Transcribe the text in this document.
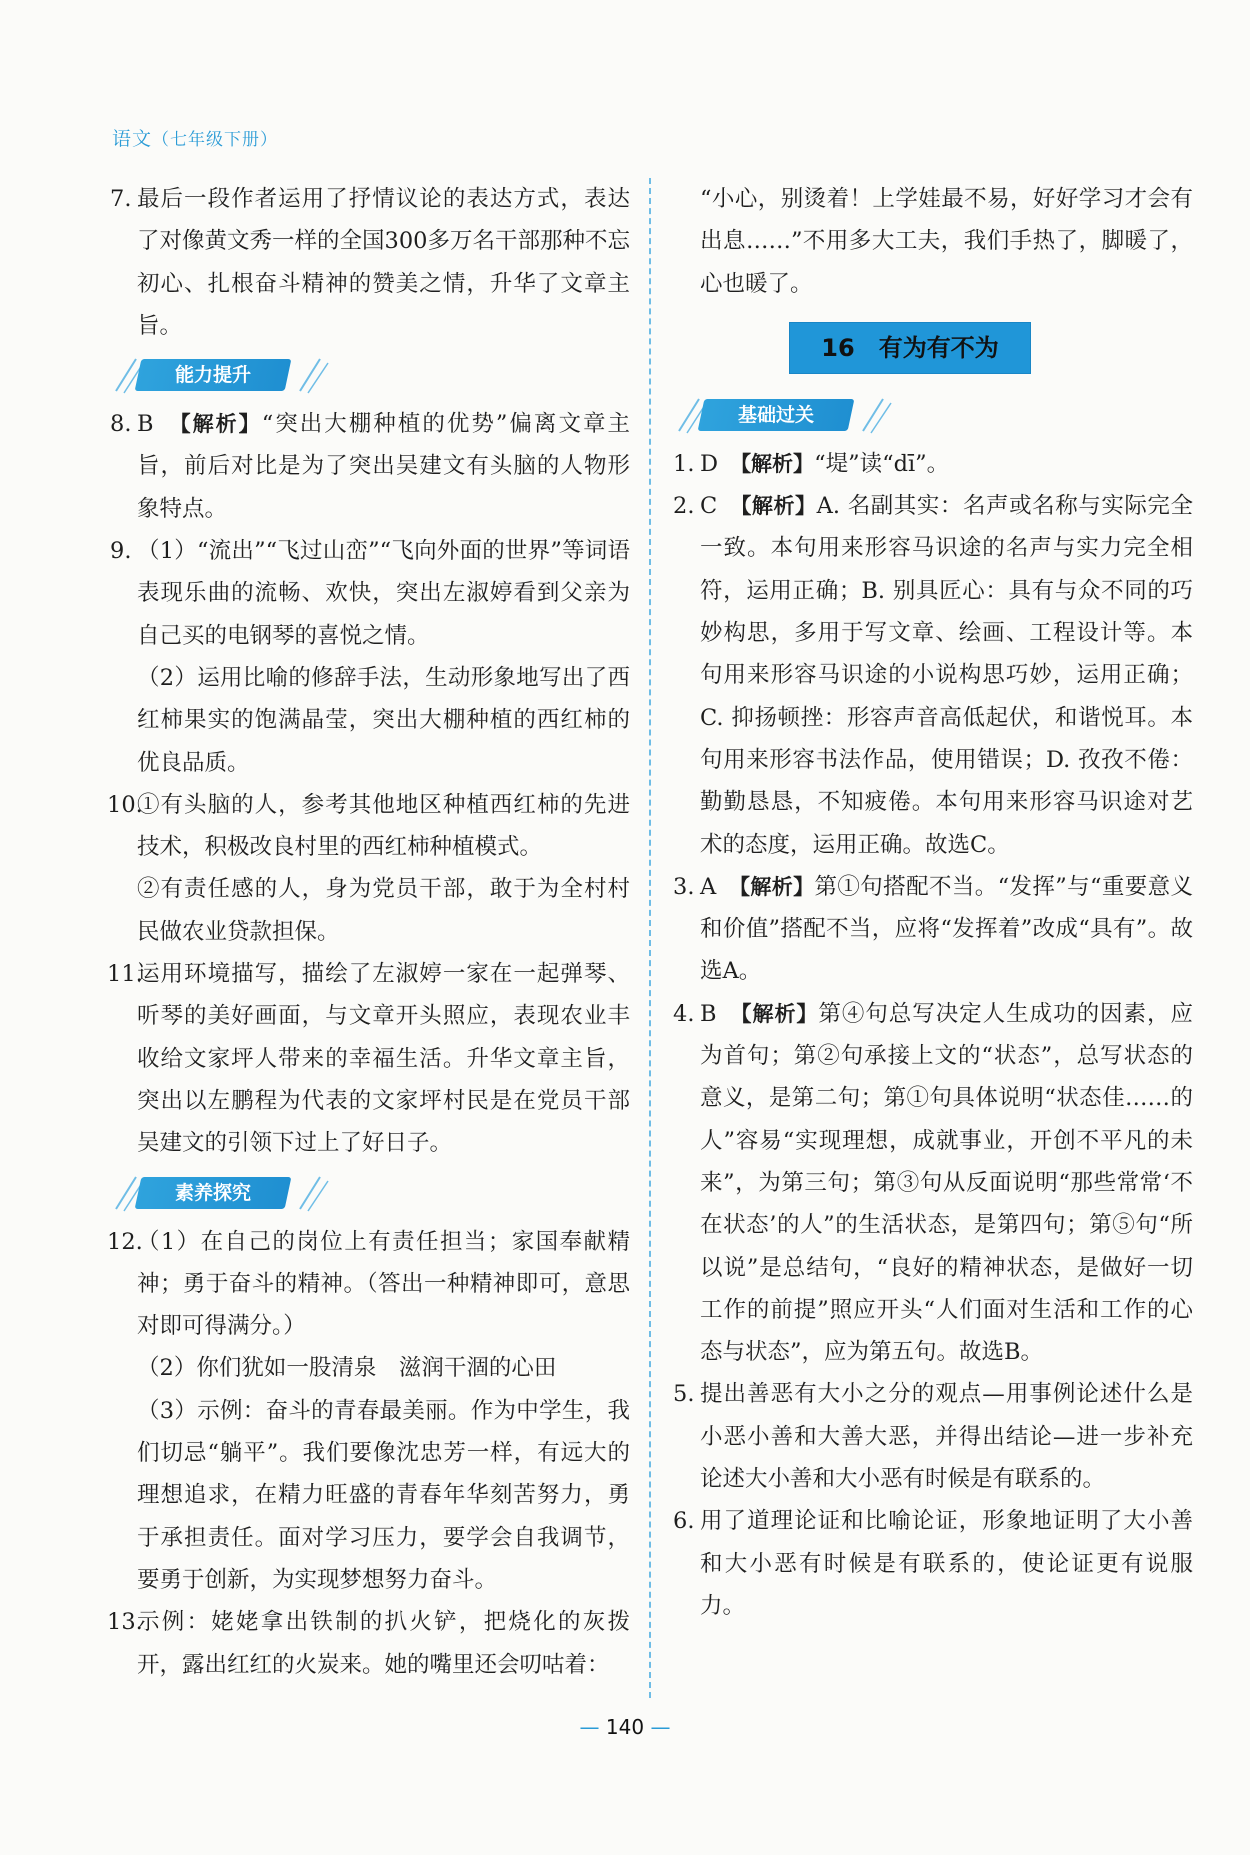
语文（七年级下册）

7. 最后一段作者运用了抒情议论的表达方式，表达了对像黄文秀一样的全国300多万名干部那种不忘初心、扎根奋斗精神的赞美之情，升华了文章主旨。

能力提升

8. B　 【解析】“突出大棚种植的优势”偏离文章主旨，前后对比是为了突出吴建文有头脑的人物形象特点。

9. （1）“流出”“飞过山峦”“飞向外面的世界”等词语表现乐曲的流畅、欢快，突出左淑婷看到父亲为自己买的电钢琴的喜悦之情。

（2）运用比喻的修辞手法，生动形象地写出了西红柿果实的饱满晶莹，突出大棚种植的西红柿的优良品质。

10.
①有头脑的人，参考其他地区种植西红柿的先进技术，积极改良村里的西红柿种植模式。

②有责任感的人，身为党员干部，敢于为全村村民做农业贷款担保。

11.
运用环境描写，描绘了左淑婷一家在一起弹琴、听琴的美好画面，与文章开头照应，表现农业丰收给文家坪人带来的幸福生活。升华文章主旨，突出以左鹏程为代表的文家坪村民是在党员干部吴建文的引领下过上了好日子。

素养探究

12.
（1）在自己的岗位上有责任担当；家国奉献精神；勇于奋斗的精神。（答出一种精神即可，意思对即可得满分。）

（2）你们犹如一股清泉　滋润干涸的心田

（3）示例：奋斗的青春最美丽。作为中学生，我们切忌“躺平”。我们要像沈忠芳一样，有远大的理想追求，在精力旺盛的青春年华刻苦努力，勇于承担责任。面对学习压力，要学会自我调节，要勇于创新，为实现梦想努力奋斗。

13.
示例：姥姥拿出铁制的扒火铲，把烧化的灰拨开，露出红红的火炭来。她的嘴里还会叨咕着：

“小心，别烫着！上学娃最不易，好好学习才会有出息……”不用多大工夫，我们手热了，脚暖了，心也暖了。

16　有为有不为
基础过关

1. D　 【解析】“堤”读“dī”。

2. C　 【解析】A. 名副其实：名声或名称与实际完全一致。本句用来形容马识途的名声与实力完全相符，运用正确；B. 别具匠心：具有与众不同的巧妙构思，多用于写文章、绘画、工程设计等。本句用来形容马识途的小说构思巧妙，运用正确；C. 抑扬顿挫：形容声音高低起伏，和谐悦耳。本句用来形容书法作品，使用错误；D. 孜孜不倦：勤勤恳恳，不知疲倦。本句用来形容马识途对艺术的态度，运用正确。故选C。

3. A　 【解析】第①句搭配不当。“发挥”与“重要意义和价值”搭配不当，应将“发挥着”改成“具有”。故选A。

4. B　 【解析】第④句总写决定人生成功的因素，应为首句；第②句承接上文的“状态”，总写状态的意义，是第二句；第①句具体说明“状态佳……的人”容易“实现理想，成就事业，开创不平凡的未来”，为第三句；第③句从反面说明“那些常常‘不在状态’的人”的生活状态，是第四句；第⑤句“所以说”是总结句，“良好的精神状态，是做好一切工作的前提”照应开头“人们面对生活和工作的心态与状态”，应为第五句。故选B。

5. 提出善恶有大小之分的观点—用事例论述什么是小恶小善和大善大恶，并得出结论—进一步补充论述大小善和大小恶有时候是有联系的。

6. 用了道理论证和比喻论证，形象地证明了大小善和大小恶有时候是有联系的，使论证更有说服力。

— 140 —
